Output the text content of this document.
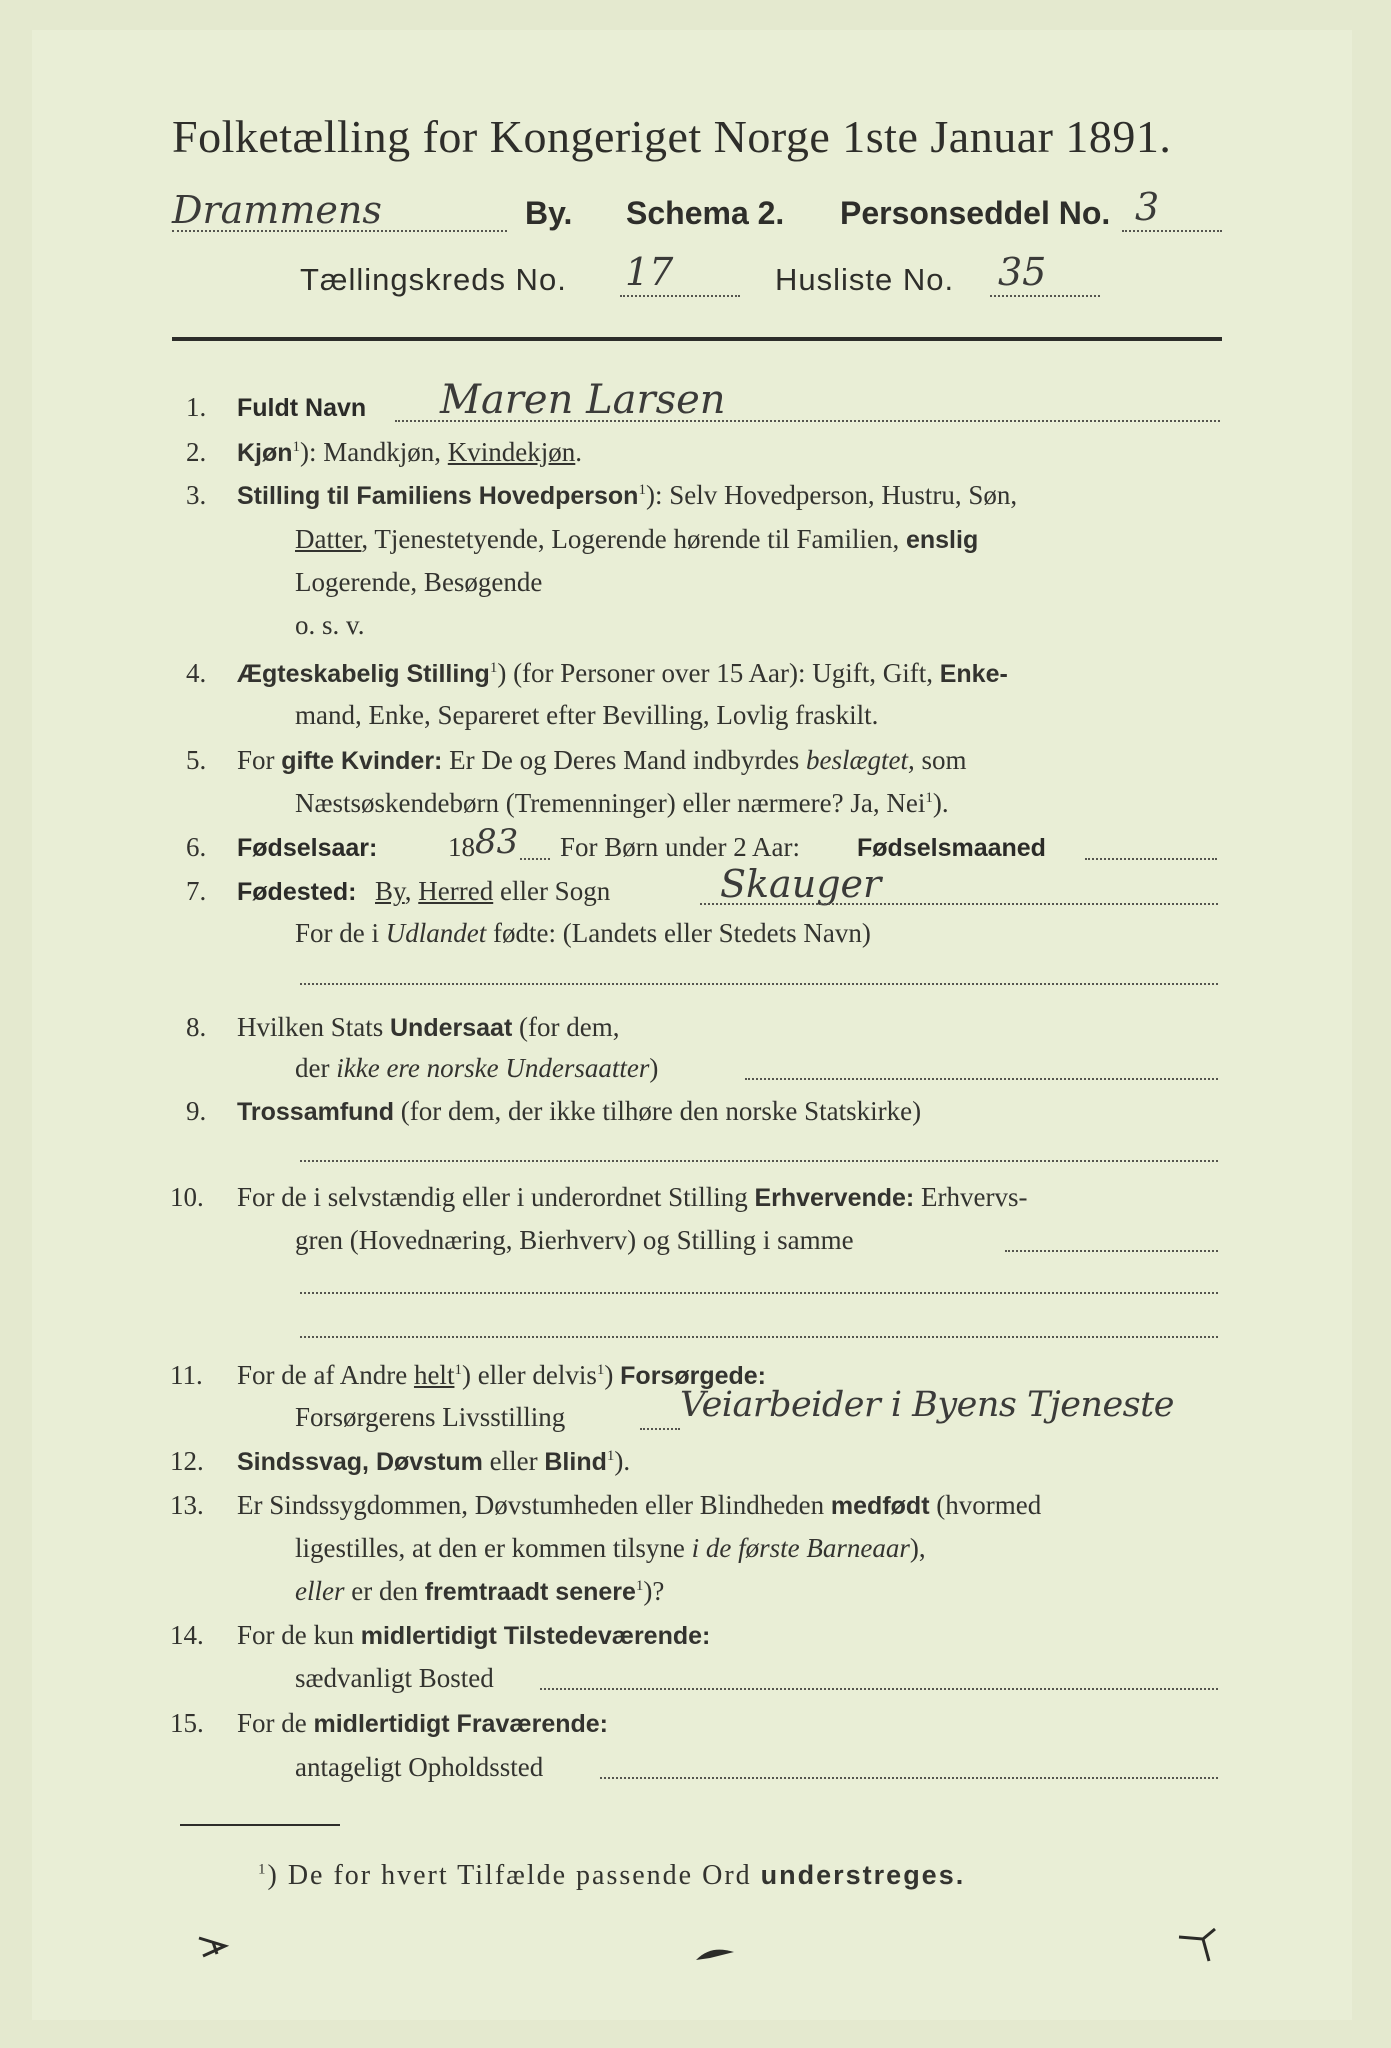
Folketælling for Kongeriget Norge 1ste Januar 1891.
Drammens	By. Schema 2. Personseddel No. 3
Tællingskreds No. 17	Husliste No. 35
1. Fuldt Navn Maren Larsen
2. Kjøn$^1$): Mandkjøn, Kvindekjøn.
3. Stilling til Familiens Hovedperson$^1$): Selv Hovedperson, Hustru, Søn,
Datter, Tjenestetyende, Logerende hørende til Familien, enslig
Logerende, Besøgende
o. s. v.
4. Ægteskabelig Stilling$^1$) (for Personer over 15 Aar): Ugift, Gift, Enke-
mand, Enke, Separeret efter Bevilling, Lovlig fraskilt.
5. For gifte Kvinder: Er De og Deres Mand indbyrdes beslægtet, som
Næstsøskendebørn (Tremenninger) eller nærmere? Ja, Nei$^1$).
6. Fødselsaar:	18 83 For Børn under 2 Aar: Fødselsmaaned
7. Fødested: By, Herred eller Sogn	Skauger
For de i Udlandet fødte: (Landets eller Stedets Navn)
8. Hvilken Stats Undersaat (for dem,
der ikke ere norske Undersaatter)
9. Trossamfund (for dem, der ikke tilhøre den norske Statskirke)
10. For de i selvstændig eller i underordnet Stilling Erhvervende: Erhvervs-
gren (Hovednæring, Bierhverv) og Stilling i samme
11. For de af Andre helt$^1$) eller delvis$^1$) Forsørgede:
Forsørgerens Livsstilling	Veiarbeider i Byens Tjeneste
12. Sindssvag, Døvstum eller Blind$^1$).
13. Er Sindssygdommen, Døvstumheden eller Blindheden medfødt (hvormed
ligestilles, at den er kommen tilsyne i de første Barneaar),
eller er den fremtraadt senere$^1$)?
14. For de kun midlertidigt Tilstedeværende:
sædvanligt Bosted
15. For de midlertidigt Fraværende:
antageligt Opholdssted
$^1$) De for hvert Tilfælde passende Ord understreges.
